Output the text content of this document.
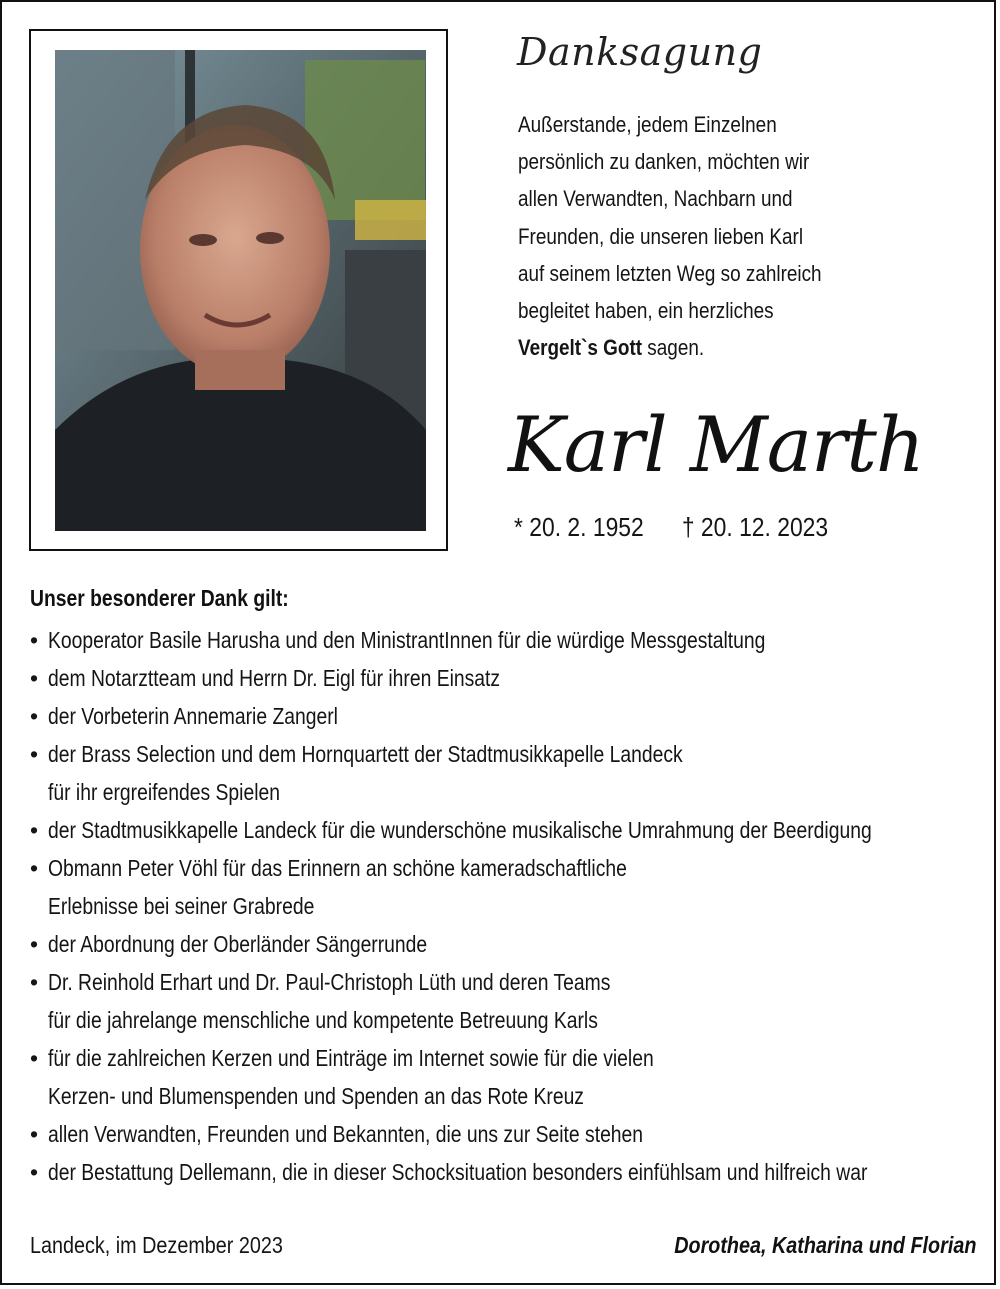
Danksagung
Außerstande, jedem Einzelnen
persönlich zu danken, möchten wir
allen Verwandten, Nachbarn und
Freunden, die unseren lieben Karl
auf seinem letzten Weg so zahlreich
begleitet haben, ein herzliches
Vergelt`s Gott sagen.
Karl Marth
* 20. 2. 1952 † 20. 12. 2023
Unser besonderer Dank gilt:
• Kooperator Basile Harusha und den MinistrantInnen für die würdige Messgestaltung
• dem Notarztteam und Herrn Dr. Eigl für ihren Einsatz
• der Vorbeterin Annemarie Zangerl
• der Brass Selection und dem Hornquartett der Stadtmusikkapelle Landeck
für ihr ergreifendes Spielen
• der Stadtmusikkapelle Landeck für die wunderschöne musikalische Umrahmung der Beerdigung
• Obmann Peter Vöhl für das Erinnern an schöne kameradschaftliche
Erlebnisse bei seiner Grabrede
• der Abordnung der Oberländer Sängerrunde
• Dr. Reinhold Erhart und Dr. Paul-Christoph Lüth und deren Teams
für die jahrelange menschliche und kompetente Betreuung Karls
• für die zahlreichen Kerzen und Einträge im Internet sowie für die vielen
Kerzen- und Blumenspenden und Spenden an das Rote Kreuz
• allen Verwandten, Freunden und Bekannten, die uns zur Seite stehen
• der Bestattung Dellemann, die in dieser Schocksituation besonders einfühlsam und hilfreich war
Landeck, im Dezember 2023	Dorothea, Katharina und Florian
